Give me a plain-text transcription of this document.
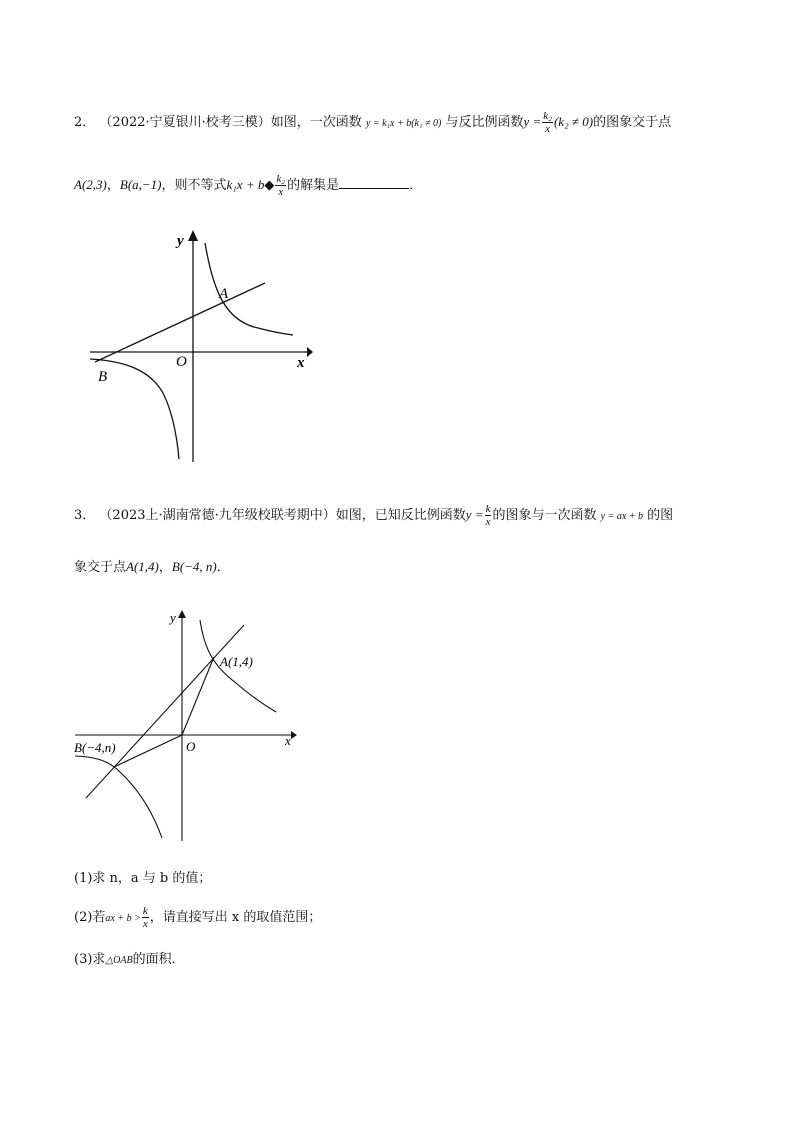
2． （2022·宁夏银川·校考三模）如图，一次函数 y = k₁x + b(k₁ ≠ 0) 与反比例函数$y = \frac{\text{k₂}}{x} (k_2 \ne 0)$的图象交于点
A(2,3)，B(a,−1)，则不等式k₁x + b◆ $\frac{\text{k₂}}{x}$ 的解集是	．
y
x
O
A
B
3． （2023上·湖南常德·九年级校联考期中）如图，已知反比例函数$y = \frac{k}{x}$ 的图象与一次函数 y = ax + b 的图
象交于点A(1,4)，B(−4, n)．
y
x
O
A(1,4)
B(−4,n)
(1)求 n，a 与 b 的值；
(2)若ax + $b > \frac{k}{x}$ ，请直接写出 x 的取值范围；
(3)求△OAB的面积．
